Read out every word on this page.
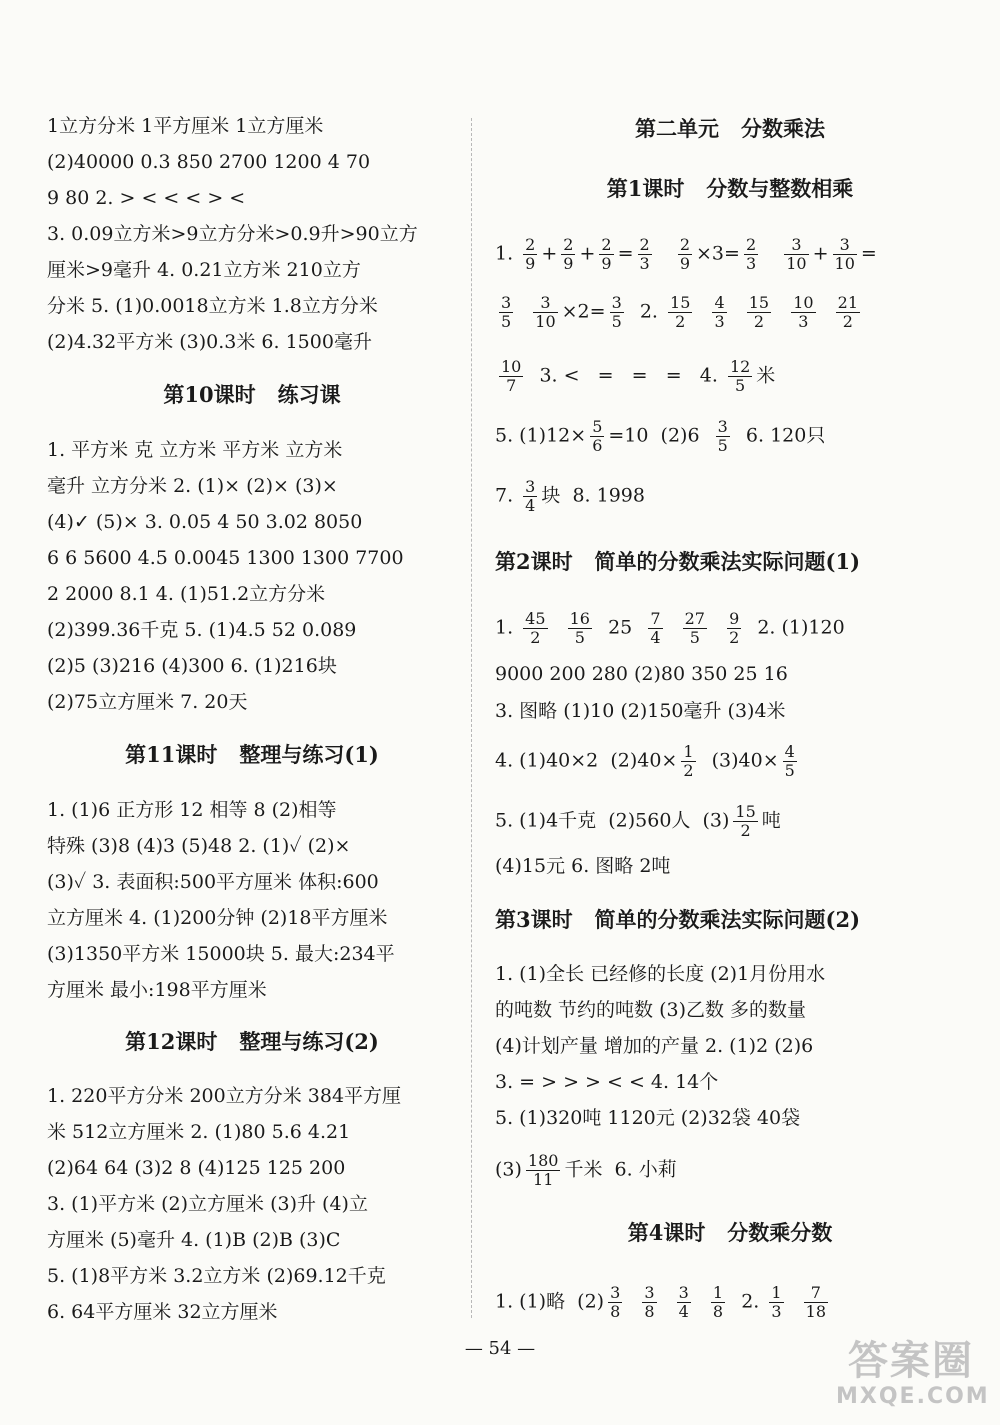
1立方分米 1平方厘米 1立方厘米
(2)40000 0.3 850 2700 1200 4 70
9 80 2. > < < < > <
3. 0.09立方米>9立方分米>0.9升>90立方
厘米>9毫升 4. 0.21立方米 210立方
分米 5. (1)0.0018立方米 1.8立方分米
(2)4.32平方米 (3)0.3米 6. 1500毫升
第10课时   练习课
1. 平方米 克 立方米 平方米 立方米
毫升 立方分米 2. (1)× (2)× (3)×
(4)✓ (5)× 3. 0.05 4 50 3.02 8050
6 6 5600 4.5 0.0045 1300 1300 7700
2 2000 8.1 4. (1)51.2立方分米
(2)399.36千克 5. (1)4.5 52 0.089
(2)5 (3)216 (4)300 6. (1)216块
(2)75立方厘米 7. 20天
第11课时   整理与练习(1)
1. (1)6 正方形 12 相等 8 (2)相等
特殊 (3)8 (4)3 (5)48 2. (1)✓ (2)×
(3)✓ 3. 表面积:500平方厘米 体积:600
立方厘米 4. (1)200分钟 (2)18平方厘米
(3)1350平方米 15000块 5. 最大:234平
方厘米 最小:198平方厘米
第12课时   整理与练习(2)
1. 220平方分米 200立方分米 384平方厘
米 512立方厘米 2. (1)80 5.6 4.21
(2)64 64 (3)2 8 (4)125 125 200
3. (1)平方米 (2)立方厘米 (3)升 (4)立
方厘米 (5)毫升 4. (1)B (2)B (3)C
5. (1)8平方米 3.2立方米 (2)69.12千克
6. 64平方厘米 32立方厘米
第二单元   分数乘法
第1课时   分数与整数相乘
1. $\frac{2}{9} + \frac{2}{9} + \frac{2}{9} = \frac{2}{3}$
$\frac{2}{9} \times 3= \frac{2}{3}$
$\frac{3}{10} + \frac{3}{10}$ =
$\frac{3}{5}$
$\frac{3}{10} \times 2= \frac{3}{5} 2$. $\frac{15}{2}$
$\frac{4}{3}$
$\frac{15}{2}$
$\frac{10}{3}$
$\frac{21}{2}$
$\frac{10}{7} 3$. <   =   =   =   4. $\frac{12}{5}$ 米
5. $(1)12\times \frac{5}{6} =10$  $(2)6 \frac{3}{5} 6$. 120只
7. $\frac{3}{4}$ 块  8. 1998
第2课时   简单的分数乘法实际问题(1)
1. $\frac{45}{2}$
$\frac{16}{5} 25 \frac{7}{4}$
$\frac{27}{5}$
$\frac{9}{2} 2$. (1)120
9000 200 280 (2)80 350 25 16
3. 图略 (1)10 (2)150毫升 (3)4米
4. (1)40×2  $(2)40\times \frac{1}{2} (3)40\times \frac{4}{5}$
5. (1)4千克  (2)560人  $(3) \frac{15}{2}$ 吨
(4)15元 6. 图略 2吨
第3课时   简单的分数乘法实际问题(2)
1. (1)全长 已经修的长度 (2)1月份用水
的吨数 节约的吨数 (3)乙数 多的数量
(4)计划产量 增加的产量 2. (1)2 (2)6
3. = > > > < < 4. 14个
5. (1)320吨 1120元 (2)32袋 40袋
$(3) \frac{180}{11}$ 千米  6. 小莉
第4课时   分数乘分数
1. (1)略  $(2) \frac{3}{8}$
$\frac{3}{8}$
$\frac{3}{4}$
$\frac{1}{8} 2$. $\frac{1}{3}$
$\frac{7}{18}$
— 54 —	答案圈
MXQE.COM
